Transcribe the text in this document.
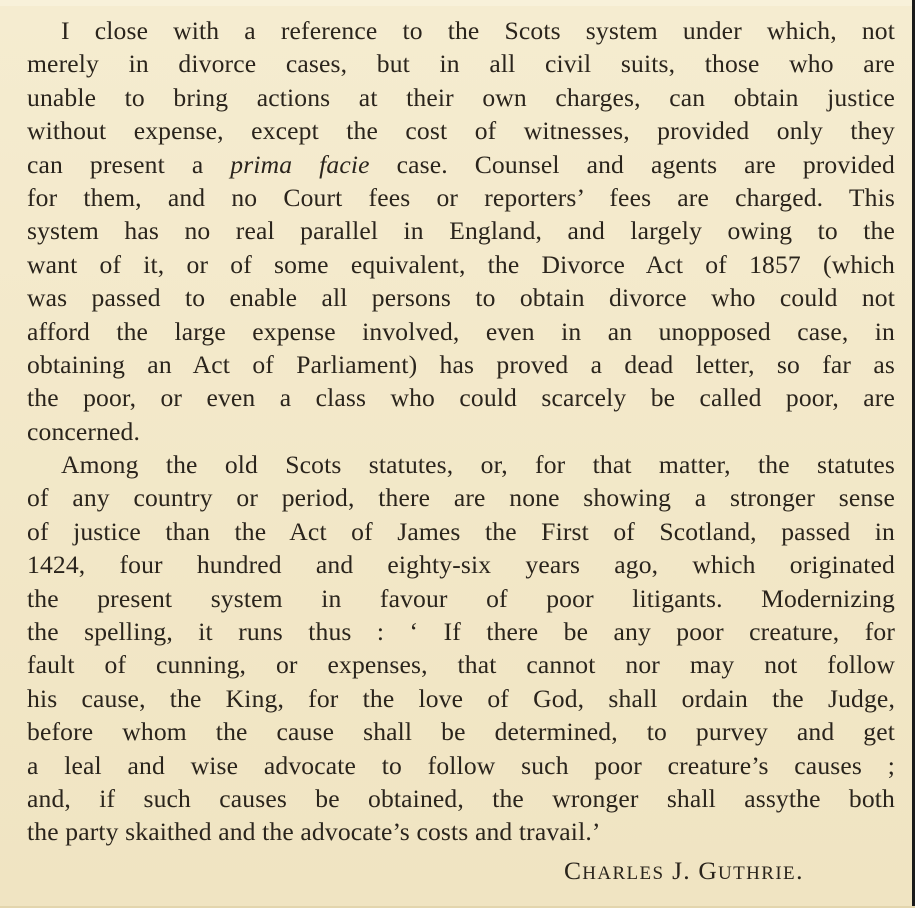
I close with a reference to the Scots system under which, not
merely in divorce cases, but in all civil suits, those who are
unable to bring actions at their own charges, can obtain justice
without expense, except the cost of witnesses, provided only they
can present a prima facie case. Counsel and agents are provided
for them, and no Court fees or reporters’ fees are charged. This
system has no real parallel in England, and largely owing to the
want of it, or of some equivalent, the Divorce Act of 1857 (which
was passed to enable all persons to obtain divorce who could not
afford the large expense involved, even in an unopposed case, in
obtaining an Act of Parliament) has proved a dead letter, so far as
the poor, or even a class who could scarcely be called poor, are
concerned.
Among the old Scots statutes, or, for that matter, the statutes
of any country or period, there are none showing a stronger sense
of justice than the Act of James the First of Scotland, passed in
1424, four hundred and eighty-six years ago, which originated
the present system in favour of poor litigants. Modernizing
the spelling, it runs thus : ‘ If there be any poor creature, for
fault of cunning, or expenses, that cannot nor may not follow
his cause, the King, for the love of God, shall ordain the Judge,
before whom the cause shall be determined, to purvey and get
a leal and wise advocate to follow such poor creature’s causes ;
and, if such causes be obtained, the wronger shall assythe both
the party skaithed and the advocate’s costs and travail.’
CHARLES J. GUTHRIE.
